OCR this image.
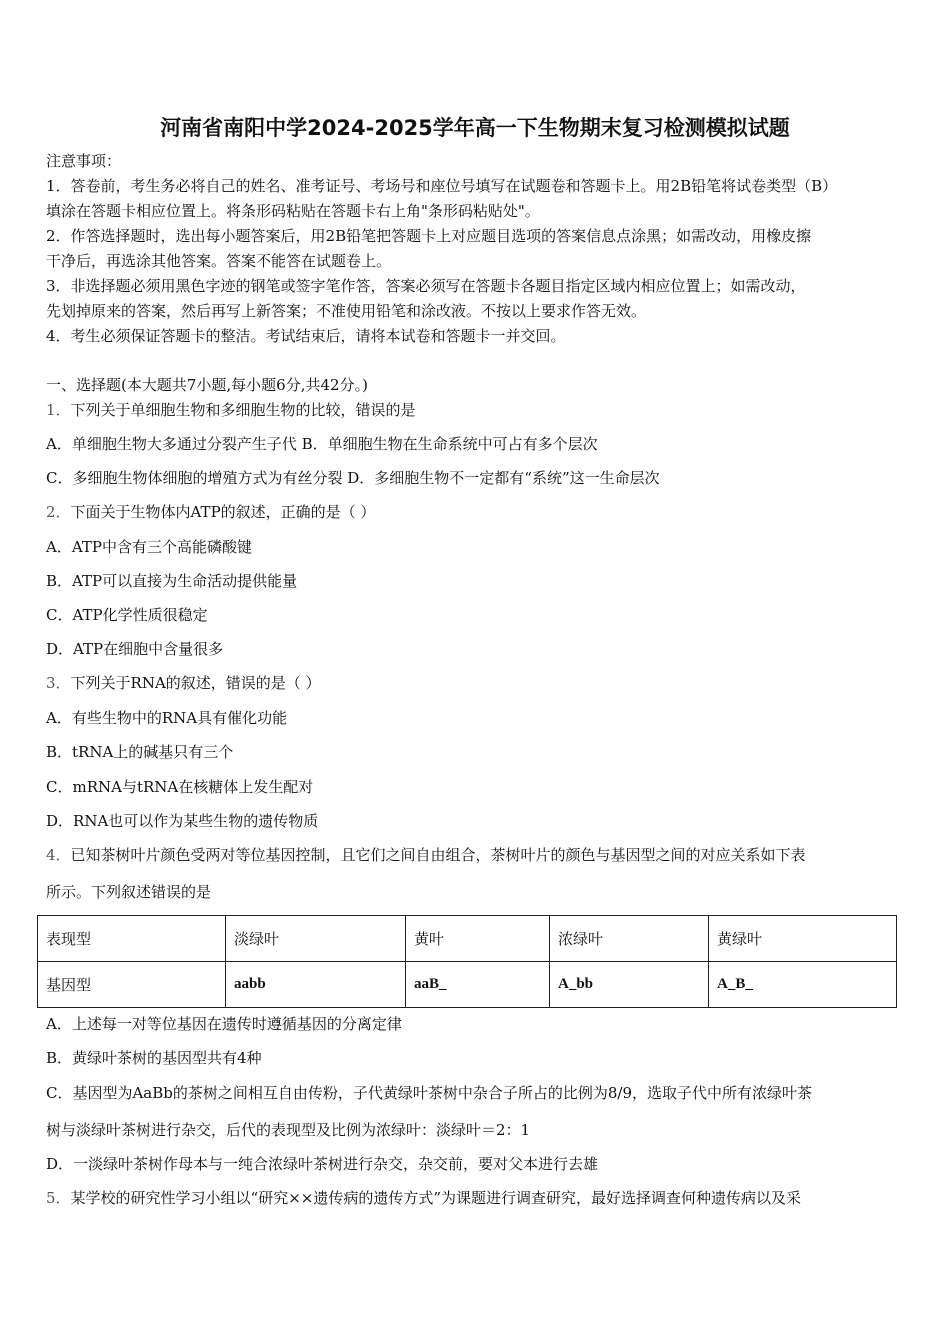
河南省南阳中学2024-2025学年高一下生物期末复习检测模拟试题
注意事项：
1．答卷前，考生务必将自己的姓名、准考证号、考场号和座位号填写在试题卷和答题卡上。用2B铅笔将试卷类型（B）
填涂在答题卡相应位置上。将条形码粘贴在答题卡右上角"条形码粘贴处"。
2．作答选择题时，选出每小题答案后，用2B铅笔把答题卡上对应题目选项的答案信息点涂黑；如需改动，用橡皮擦
干净后，再选涂其他答案。答案不能答在试题卷上。
3．非选择题必须用黑色字迹的钢笔或签字笔作答，答案必须写在答题卡各题目指定区域内相应位置上；如需改动，
先划掉原来的答案，然后再写上新答案；不准使用铅笔和涂改液。不按以上要求作答无效。
4．考生必须保证答题卡的整洁。考试结束后，请将本试卷和答题卡一并交回。
一、选择题(本大题共7小题,每小题6分,共42分。)
1．下列关于单细胞生物和多细胞生物的比较，错误的是
A．单细胞生物大多通过分裂产生子代 B．单细胞生物在生命系统中可占有多个层次
C．多细胞生物体细胞的增殖方式为有丝分裂 D．多细胞生物不一定都有“系统”这一生命层次
2．下面关于生物体内ATP的叙述，正确的是（ ）
A．ATP中含有三个高能磷酸键
B．ATP可以直接为生命活动提供能量
C．ATP化学性质很稳定
D．ATP在细胞中含量很多
3．下列关于RNA的叙述，错误的是（ ）
A．有些生物中的RNA具有催化功能
B．tRNA上的碱基只有三个
C．mRNA与tRNA在核糖体上发生配对
D．RNA也可以作为某些生物的遗传物质
4．已知茶树叶片颜色受两对等位基因控制，且它们之间自由组合，茶树叶片的颜色与基因型之间的对应关系如下表
所示。下列叙述错误的是
表现型	淡绿叶	黄叶	浓绿叶	黄绿叶
基因型	aabb	aaB_	A_bb	A_B_
A．上述每一对等位基因在遗传时遵循基因的分离定律
B．黄绿叶茶树的基因型共有4种
C．基因型为AaBb的茶树之间相互自由传粉，子代黄绿叶茶树中杂合子所占的比例为8/9，选取子代中所有浓绿叶茶
树与淡绿叶茶树进行杂交，后代的表现型及比例为浓绿叶：淡绿叶＝2：1
D．一淡绿叶茶树作母本与一纯合浓绿叶茶树进行杂交，杂交前，要对父本进行去雄
5．某学校的研究性学习小组以“研究××遗传病的遗传方式”为课题进行调查研究，最好选择调查何种遗传病以及采
